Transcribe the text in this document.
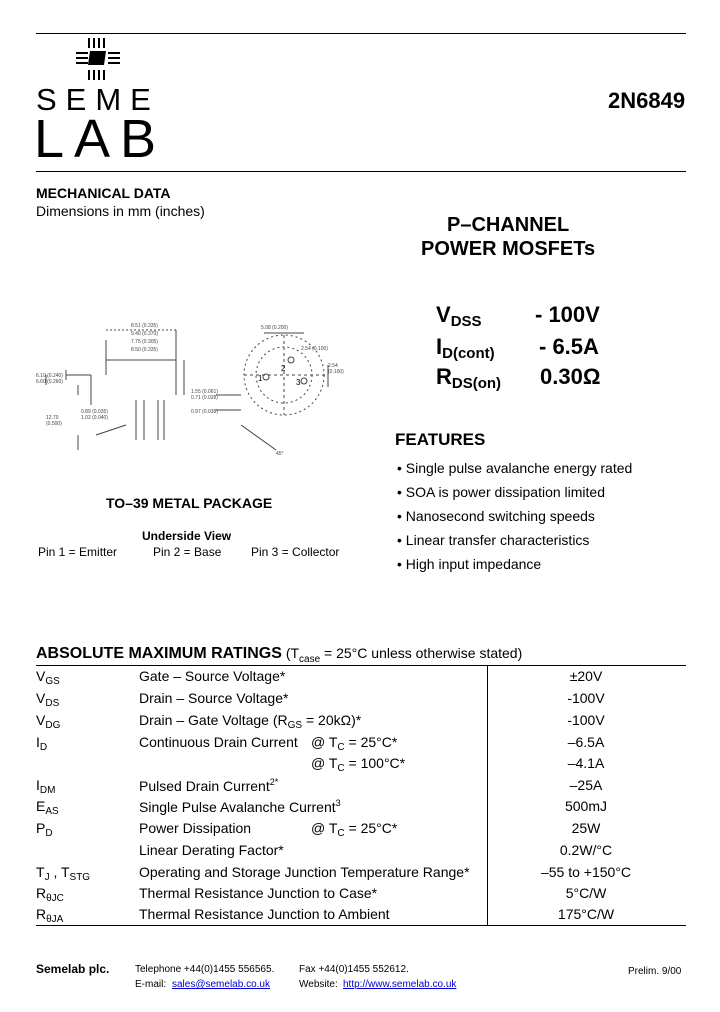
SEME
LAB
2N6849
MECHANICAL DATA
Dimensions in mm (inches)
8.51 (0.335)
9.40 (0.370)
7.75 (0.305)
8.50 (0.335)
6.10 (0.240)
6.60 (0.260)
12.70
(0.500)
0.89 (0.035)
1.02 (0.040)
1.55 (0.061)
0.71 (0.028)
0.97 (0.038)
5.08 (0.200)
2.54 (0.100)
2.54
(0.100)
45°
1
2
3
TO–39 METAL PACKAGE
Underside View
Pin 1 = Emitter	Pin 2 = Base Pin 3 = Collector
P–CHANNEL
POWER MOSFETs
$V_{DSS} - 100V$
$I_{D(cont)} - 6.5A$
$R_{DS(on)}$ 0.30Ω
FEATURES
• Single pulse avalanche energy rated
• SOA is power dissipation limited
• Nanosecond switching speeds
• Linear transfer characteristics
• High input impedance
ABSOLUTE MAXIMUM RATINGS ($T_{case} = 25^\circ C$ unless otherwise stated)
$V_{GS}$	Gate – Source Voltage*	±20V
$V_{DS}$	Drain – Source Voltage*	-100V
$V_{DG}$	Drain – Gate Voltage $(R_{GS} = 20k\Omega)*$	-100V
$I_D$	Continuous Drain Current @ $T_C = 25^\circ C*$	–6.5A
@ $T_C = 100^\circ C*$	–4.1A
$I_{DM}$	Pulsed Drain Current$^{2*}$	–25A
$E_{AS}$	Single Pulse Avalanche Current$^3$	500mJ
$P_D$	Power Dissipation	@ $T_C = 25^\circ C*$	25W
Linear Derating Factor*	0.2W/°C
$T_J$ , $T_{STG}$	Operating and Storage Junction Temperature Range*	–55 to +150°C
$R_{\theta JC}$	Thermal Resistance Junction to Case*	5°C/W
$R_{\theta JA}$	Thermal Resistance Junction to Ambient	175°C/W
Semelab plc.	Telephone +44(0)1455 556565. Fax +44(0)1455 552612.
E-mail: sales@semelab.co.uk	Website: http://www.semelab.co.uk
Prelim. 9/00
